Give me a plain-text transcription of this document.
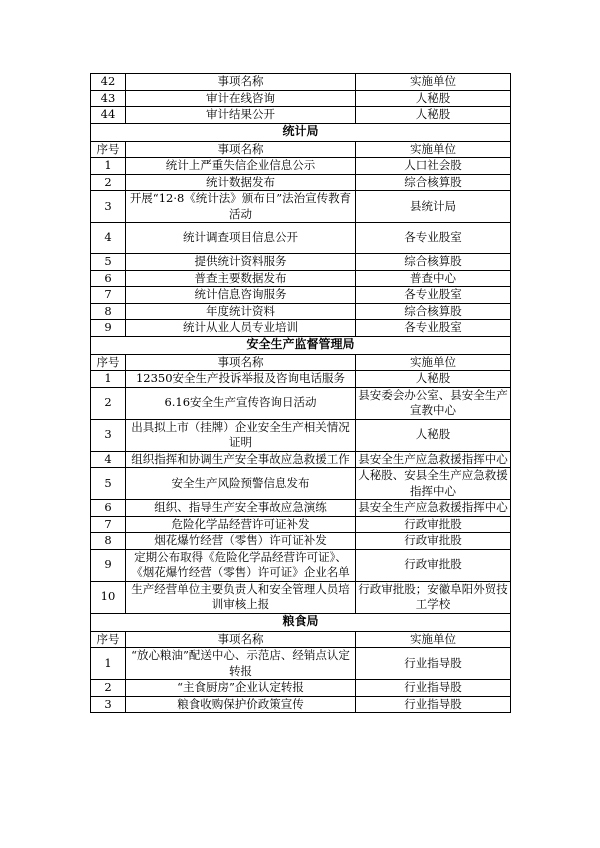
42	事项名称	实施单位
43	审计在线咨询	人秘股
44	审计结果公开	人秘股
统计局		
序号	事项名称	实施单位
1	统计上严重失信企业信息公示	人口社会股
2	统计数据发布	综合核算股
3	开展“12·8《统计法》颁布日”法治宣传教育活动	县统计局
4	统计调查项目信息公开	各专业股室
5	提供统计资料服务	综合核算股
6	普查主要数据发布	普查中心
7	统计信息咨询服务	各专业股室
8	年度统计资料	综合核算股
9	统计从业人员专业培训	各专业股室
安全生产监督管理局		
序号	事项名称	实施单位
1	12350安全生产投诉举报及咨询电话服务	人秘股
2	6.16安全生产宣传咨询日活动	县安委会办公室、县安全生产宣教中心
3	出具拟上市（挂牌）企业安全生产相关情况证明	人秘股
4	组织指挥和协调生产安全事故应急救援工作	县安全生产应急救援指挥中心
5	安全生产风险预警信息发布	人秘股、安县全生产应急救援指挥中心
6	组织、指导生产安全事故应急演练	县安全生产应急救援指挥中心
7	危险化学品经营许可证补发	行政审批股
8	烟花爆竹经营（零售）许可证补发	行政审批股
9	定期公布取得《危险化学品经营许可证》、《烟花爆竹经营（零售）许可证》企业名单	行政审批股
10	生产经营单位主要负责人和安全管理人员培训审核上报	行政审批股；安徽阜阳外贸技工学校
粮食局		
序号	事项名称	实施单位
1	“放心粮油”配送中心、示范店、经销点认定转报	行业指导股
2	“主食厨房”企业认定转报	行业指导股
3	粮食收购保护价政策宣传	行业指导股
